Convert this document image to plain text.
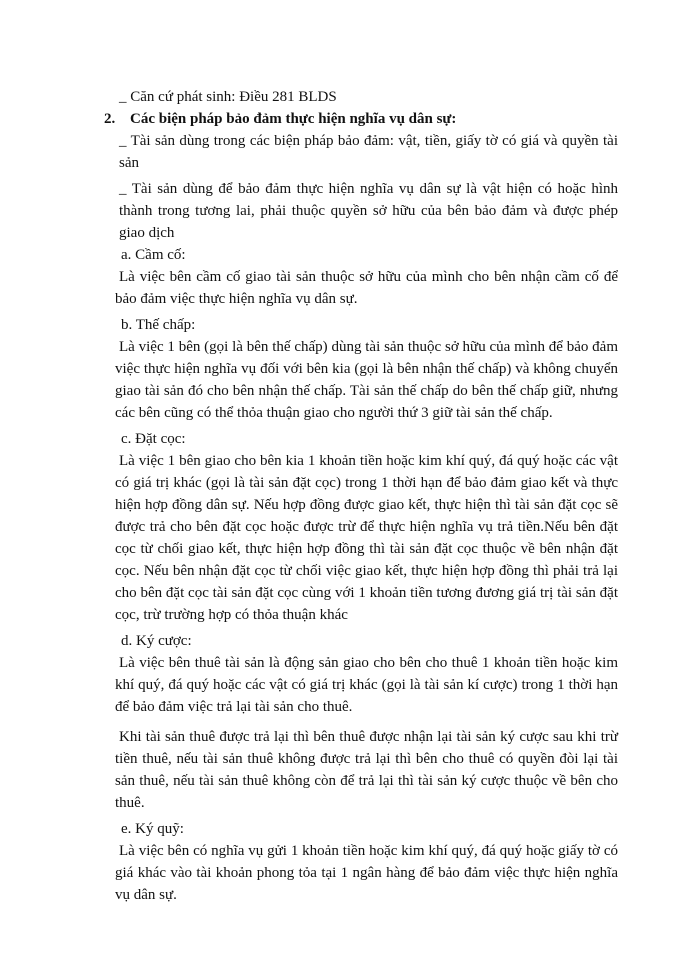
_ Căn cứ phát sinh: Điều 281 BLDS

2. Các biện pháp bảo đảm thực hiện nghĩa vụ dân sự:

_ Tài sản dùng trong các biện pháp bảo đảm: vật, tiền, giấy tờ có giá và quyền tài sản

_ Tài sản dùng để bảo đảm thực hiện nghĩa vụ dân sự là vật hiện có hoặc hình thành trong tương lai, phải thuộc quyền sở hữu của bên bảo đảm và được phép giao dịch

a. Cầm cố:

Là việc bên cầm cố giao tài sản thuộc sở hữu của mình cho bên nhận cầm cố để bảo đảm việc thực hiện nghĩa vụ dân sự.

b. Thế chấp:

Là việc 1 bên (gọi là bên thế chấp) dùng tài sản thuộc sở hữu của mình để bảo đảm việc thực hiện nghĩa vụ đối với bên kia (gọi là bên nhận thế chấp) và không chuyển giao tài sản đó cho bên nhận thế chấp. Tài sản thế chấp do bên thế chấp giữ, nhưng các bên cũng có thể thỏa thuận giao cho người thứ 3 giữ tài sản thế chấp.

c. Đặt cọc:

Là việc 1 bên giao cho bên kia 1 khoản tiền hoặc kim khí quý, đá quý hoặc các vật có giá trị khác (gọi là tài sản đặt cọc) trong 1 thời hạn để bảo đảm giao kết và thực hiện hợp đồng dân sự. Nếu hợp đồng được giao kết, thực hiện thì tài sản đặt cọc sẽ được trả cho bên đặt cọc hoặc được trừ để thực hiện nghĩa vụ trả tiền.Nếu bên đặt cọc từ chối giao kết, thực hiện hợp đồng thì tài sản đặt cọc thuộc về bên nhận đặt cọc. Nếu bên nhận đặt cọc từ chối việc giao kết, thực hiện hợp đồng thì phải trả lại cho bên đặt cọc tài sản đặt cọc cùng với 1 khoản tiền tương đương giá trị tài sản đặt cọc, trừ trường hợp có thỏa thuận khác

d. Ký cược:

Là việc bên thuê tài sản là động sản giao cho bên cho thuê 1 khoản tiền hoặc kim khí quý, đá quý hoặc các vật có giá trị khác (gọi là tài sản kí cược) trong 1 thời hạn để bảo đảm việc trả lại tài sản cho thuê.

Khi tài sản thuê được trả lại thì bên thuê được nhận lại tài sản ký cược sau khi trừ tiền thuê, nếu tài sản thuê không được trả lại thì bên cho thuê có quyền đòi lại tài sản thuê, nếu tài sản thuê không còn để trả lại thì tài sản ký cược thuộc về bên cho thuê.

e. Ký quỹ:

Là việc bên có nghĩa vụ gửi 1 khoản tiền hoặc kim khí quý, đá quý hoặc giấy tờ có giá khác vào tài khoản phong tỏa tại 1 ngân hàng để bảo đảm việc thực hiện nghĩa vụ dân sự.
